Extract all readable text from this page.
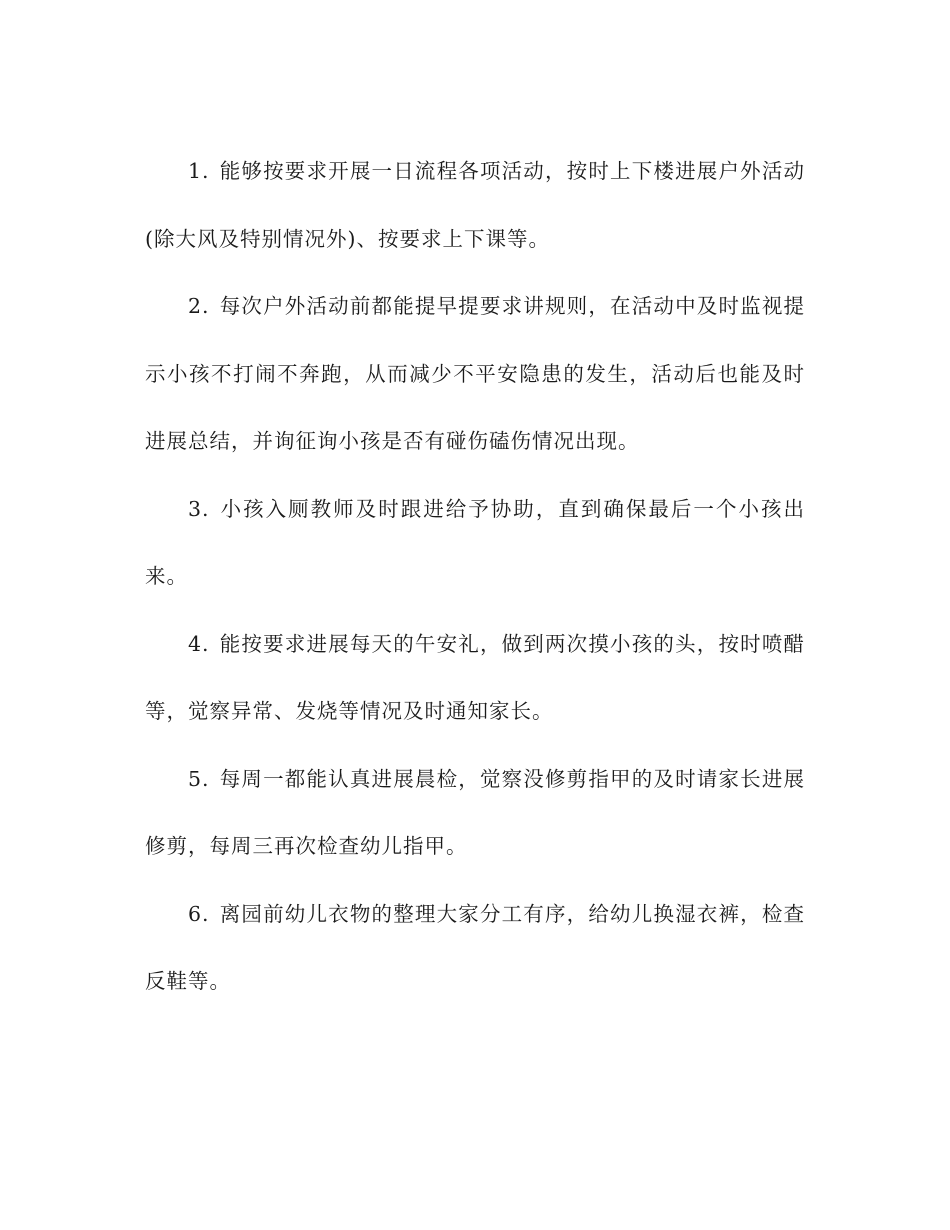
1. 能够按要求开展一日流程各项活动，按时上下楼进展户外活动(除大风及特别情况外)、按要求上下课等。

2. 每次户外活动前都能提早提要求讲规则，在活动中及时监视提示小孩不打闹不奔跑，从而减少不平安隐患的发生，活动后也能及时进展总结，并询征询小孩是否有碰伤磕伤情况出现。

3. 小孩入厕教师及时跟进给予协助，直到确保最后一个小孩出来。

4. 能按要求进展每天的午安礼，做到两次摸小孩的头，按时喷醋等，觉察异常、发烧等情况及时通知家长。

5. 每周一都能认真进展晨检，觉察没修剪指甲的及时请家长进展修剪，每周三再次检查幼儿指甲。

6. 离园前幼儿衣物的整理大家分工有序，给幼儿换湿衣裤，检查反鞋等。
